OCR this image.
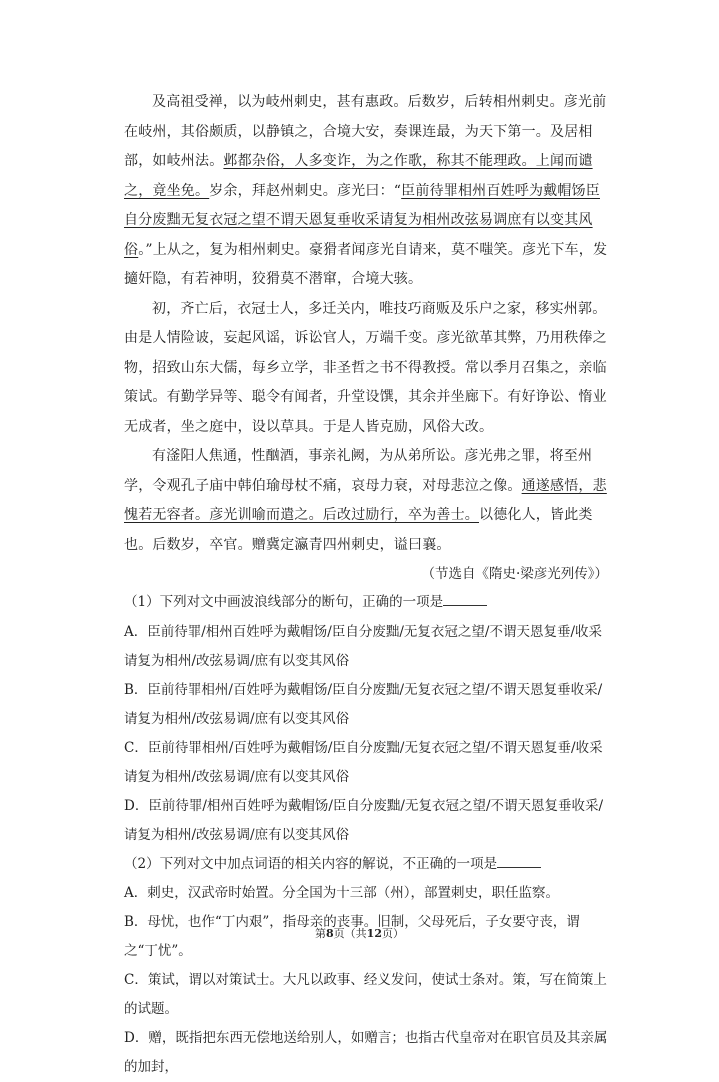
及高祖受禅，以为岐州刺史，甚有惠政。后数岁，后转相州刺史。彦光前在岐州，其俗颇质，以静镇之，合境大安，奏课连最，为天下第一。及居相部，如岐州法。邺都杂俗，人多变诈，为之作歌，称其不能理政。上闻而谴之，竟坐免。岁余，拜赵州刺史。彦光曰：“臣前待罪相州百姓呼为戴帽饧臣自分废黜无复衣冠之望不谓天恩复垂收采请复为相州改弦易调庶有以变其风俗。”上从之，复为相州刺史。豪猾者闻彦光自请来，莫不嗤笑。彦光下车，发擿奸隐，有若神明，狡猾莫不潜窜，合境大骇。

初，齐亡后，衣冠士人，多迁关内，唯技巧商贩及乐户之家，移实州郭。由是人情险诐，妄起风谣，诉讼官人，万端千变。彦光欲革其弊，乃用秩俸之物，招致山东大儒，每乡立学，非圣哲之书不得教授。常以季月召集之，亲临策试。有勤学异等、聪令有闻者，升堂设馔，其余并坐廊下。有好诤讼、惰业无成者，坐之庭中，设以草具。于是人皆克励，风俗大改。

有滏阳人焦通，性酗酒，事亲礼阙，为从弟所讼。彦光弗之罪，将至州学，令观孔子庙中韩伯瑜母杖不痛，哀母力衰，对母悲泣之像。通遂感悟，悲愧若无容者。彦光训喻而遣之。后改过励行，卒为善士。以德化人，皆此类也。后数岁，卒官。赠冀定瀛青四州刺史，谥曰襄。

（节选自《隋史·梁彦光列传》）

（1）下列对文中画波浪线部分的断句，正确的一项是

A．臣前待罪/相州百姓呼为戴帽饧/臣自分废黜/无复衣冠之望/不谓天恩复垂/收采请复为相州/改弦易调/庶有以变其风俗

B．臣前待罪相州/百姓呼为戴帽饧/臣自分废黜/无复衣冠之望/不谓天恩复垂收采/请复为相州/改弦易调/庶有以变其风俗

C．臣前待罪相州/百姓呼为戴帽饧/臣自分废黜/无复衣冠之望/不谓天恩复垂/收采请复为相州/改弦易调/庶有以变其风俗

D．臣前待罪/相州百姓呼为戴帽饧/臣自分废黜/无复衣冠之望/不谓天恩复垂收采/请复为相州/改弦易调/庶有以变其风俗

（2）下列对文中加点词语的相关内容的解说，不正确的一项是

A．刺史，汉武帝时始置。分全国为十三部（州），部置刺史，职任监察。

B．母忧，也作“丁内艰”，指母亲的丧事。旧制，父母死后，子女要守丧，谓之“丁忧”。

C．策试，谓以对策试士。大凡以政事、经义发问，使试士条对。策，写在简策上的试题。

D．赠，既指把东西无偿地送给别人，如赠言；也指古代皇帝对在职官员及其亲属的加封，

第8页（共12页）
